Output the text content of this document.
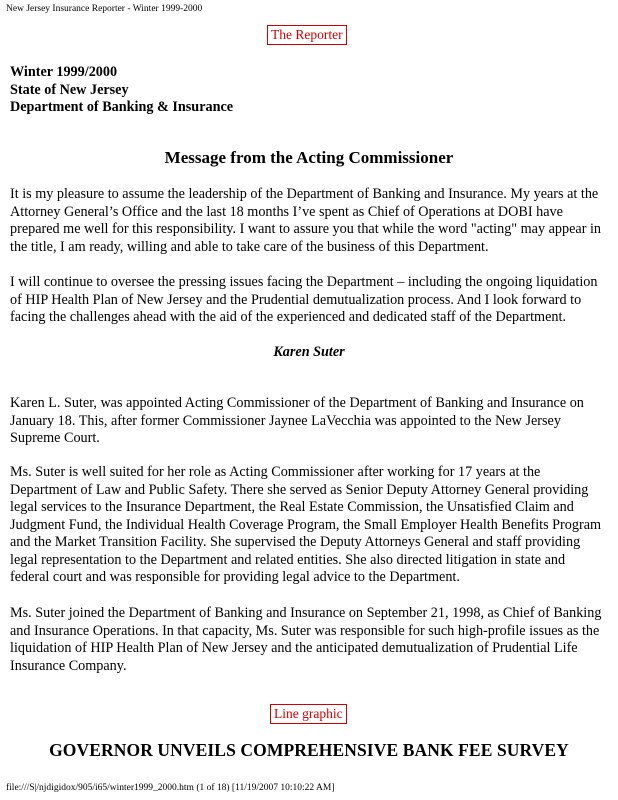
New Jersey Insurance Reporter - Winter 1999-2000
The Reporter
Winter 1999/2000
State of New Jersey
Department of Banking & Insurance
Message from the Acting Commissioner
It is my pleasure to assume the leadership of the Department of Banking and Insurance. My years at the
Attorney General’s Office and the last 18 months I’ve spent as Chief of Operations at DOBI have
prepared me well for this responsibility. I want to assure you that while the word "acting" may appear in
the title, I am ready, willing and able to take care of the business of this Department.
I will continue to oversee the pressing issues facing the Department – including the ongoing liquidation
of HIP Health Plan of New Jersey and the Prudential demutualization process. And I look forward to
facing the challenges ahead with the aid of the experienced and dedicated staff of the Department.
Karen Suter
Karen L. Suter, was appointed Acting Commissioner of the Department of Banking and Insurance on
January 18. This, after former Commissioner Jaynee LaVecchia was appointed to the New Jersey
Supreme Court.
Ms. Suter is well suited for her role as Acting Commissioner after working for 17 years at the
Department of Law and Public Safety. There she served as Senior Deputy Attorney General providing
legal services to the Insurance Department, the Real Estate Commission, the Unsatisfied Claim and
Judgment Fund, the Individual Health Coverage Program, the Small Employer Health Benefits Program
and the Market Transition Facility. She supervised the Deputy Attorneys General and staff providing
legal representation to the Department and related entities. She also directed litigation in state and
federal court and was responsible for providing legal advice to the Department.
Ms. Suter joined the Department of Banking and Insurance on September 21, 1998, as Chief of Banking
and Insurance Operations. In that capacity, Ms. Suter was responsible for such high-profile issues as the
liquidation of HIP Health Plan of New Jersey and the anticipated demutualization of Prudential Life
Insurance Company.
Line graphic
GOVERNOR UNVEILS COMPREHENSIVE BANK FEE SURVEY
file:///S|/njdigidox/905/i65/winter1999_2000.htm (1 of 18) [11/19/2007 10:10:22 AM]
